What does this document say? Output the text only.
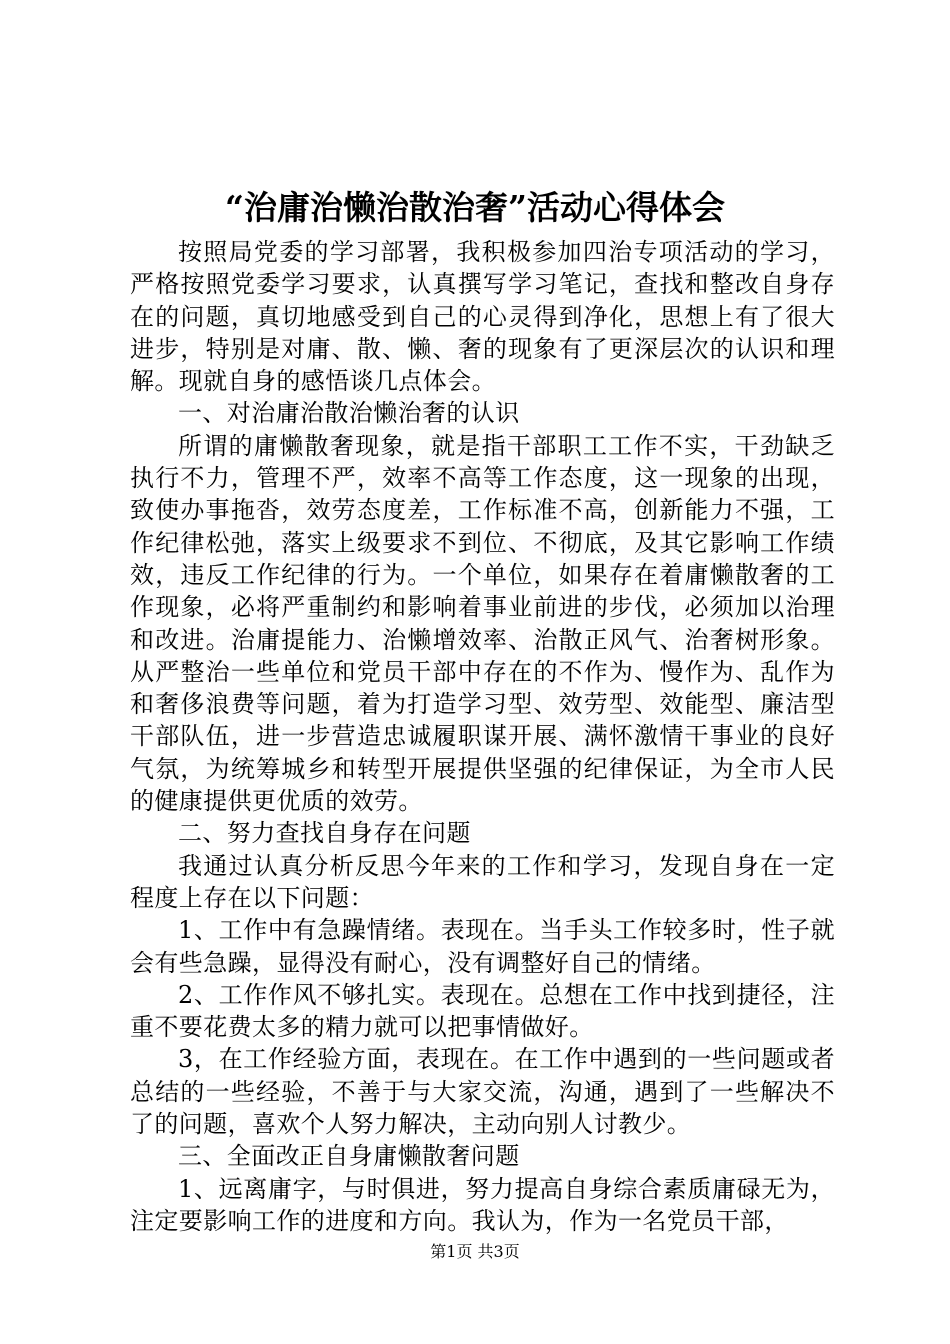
“治庸治懒治散治奢”活动心得体会

按照局党委的学习部署，我积极参加四治专项活动的学习，严格按照党委学习要求，认真撰写学习笔记，查找和整改自身存在的问题，真切地感受到自己的心灵得到净化，思想上有了很大进步，特别是对庸、散、懒、奢的现象有了更深层次的认识和理解。现就自身的感悟谈几点体会。

一、对治庸治散治懒治奢的认识

所谓的庸懒散奢现象，就是指干部职工工作不实，干劲缺乏执行不力，管理不严，效率不高等工作态度，这一现象的出现，致使办事拖沓，效劳态度差，工作标准不高，创新能力不强，工作纪律松弛，落实上级要求不到位、不彻底，及其它影响工作绩效，违反工作纪律的行为。一个单位，如果存在着庸懒散奢的工作现象，必将严重制约和影响着事业前进的步伐，必须加以治理和改进。治庸提能力、治懒增效率、治散正风气、治奢树形象。从严整治一些单位和党员干部中存在的不作为、慢作为、乱作为和奢侈浪费等问题，着为打造学习型、效劳型、效能型、廉洁型干部队伍，进一步营造忠诚履职谋开展、满怀激情干事业的良好气氛，为统筹城乡和转型开展提供坚强的纪律保证，为全市人民的健康提供更优质的效劳。

二、努力查找自身存在问题

我通过认真分析反思今年来的工作和学习，发现自身在一定程度上存在以下问题：

1、工作中有急躁情绪。表现在。当手头工作较多时，性子就会有些急躁，显得没有耐心，没有调整好自己的情绪。

2、工作作风不够扎实。表现在。总想在工作中找到捷径，注重不要花费太多的精力就可以把事情做好。

3，在工作经验方面，表现在。在工作中遇到的一些问题或者总结的一些经验，不善于与大家交流，沟通，遇到了一些解决不了的问题，喜欢个人努力解决，主动向别人讨教少。

三、全面改正自身庸懒散奢问题

1、远离庸字，与时俱进，努力提高自身综合素质庸碌无为，注定要影响工作的进度和方向。我认为，作为一名党员干部，

第1页 共3页
